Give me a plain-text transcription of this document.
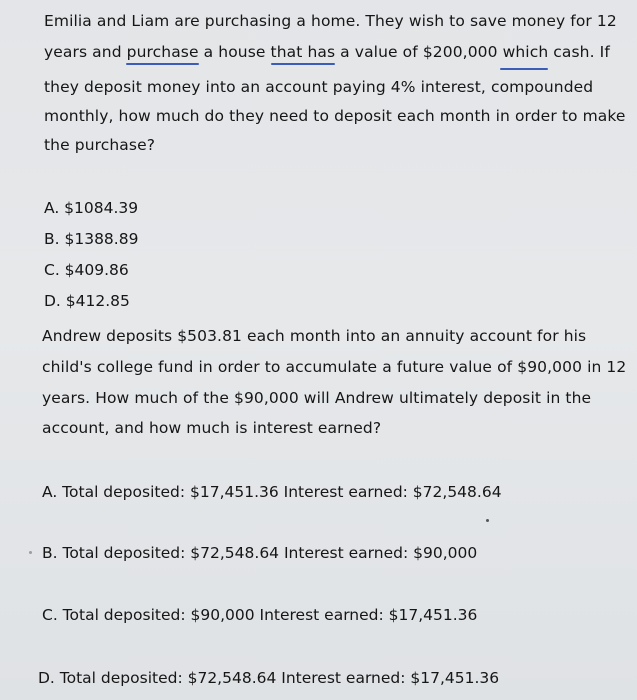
Emilia and Liam are purchasing a home. They wish to save money for 12
years and purchase a house that has a value of $200,000 which cash. If
they deposit money into an account paying 4% interest, compounded
monthly, how much do they need to deposit each month in order to make
the purchase?
A. $1084.39
B. $1388.89
C. $409.86
D. $412.85
Andrew deposits $503.81 each month into an annuity account for his
child's college fund in order to accumulate a future value of $90,000 in 12
years. How much of the $90,000 will Andrew ultimately deposit in the
account, and how much is interest earned?
A. Total deposited: $17,451.36 Interest earned: $72,548.64
B. Total deposited: $72,548.64 Interest earned: $90,000
C. Total deposited: $90,000 Interest earned: $17,451.36
D. Total deposited: $72,548.64 Interest earned: $17,451.36
